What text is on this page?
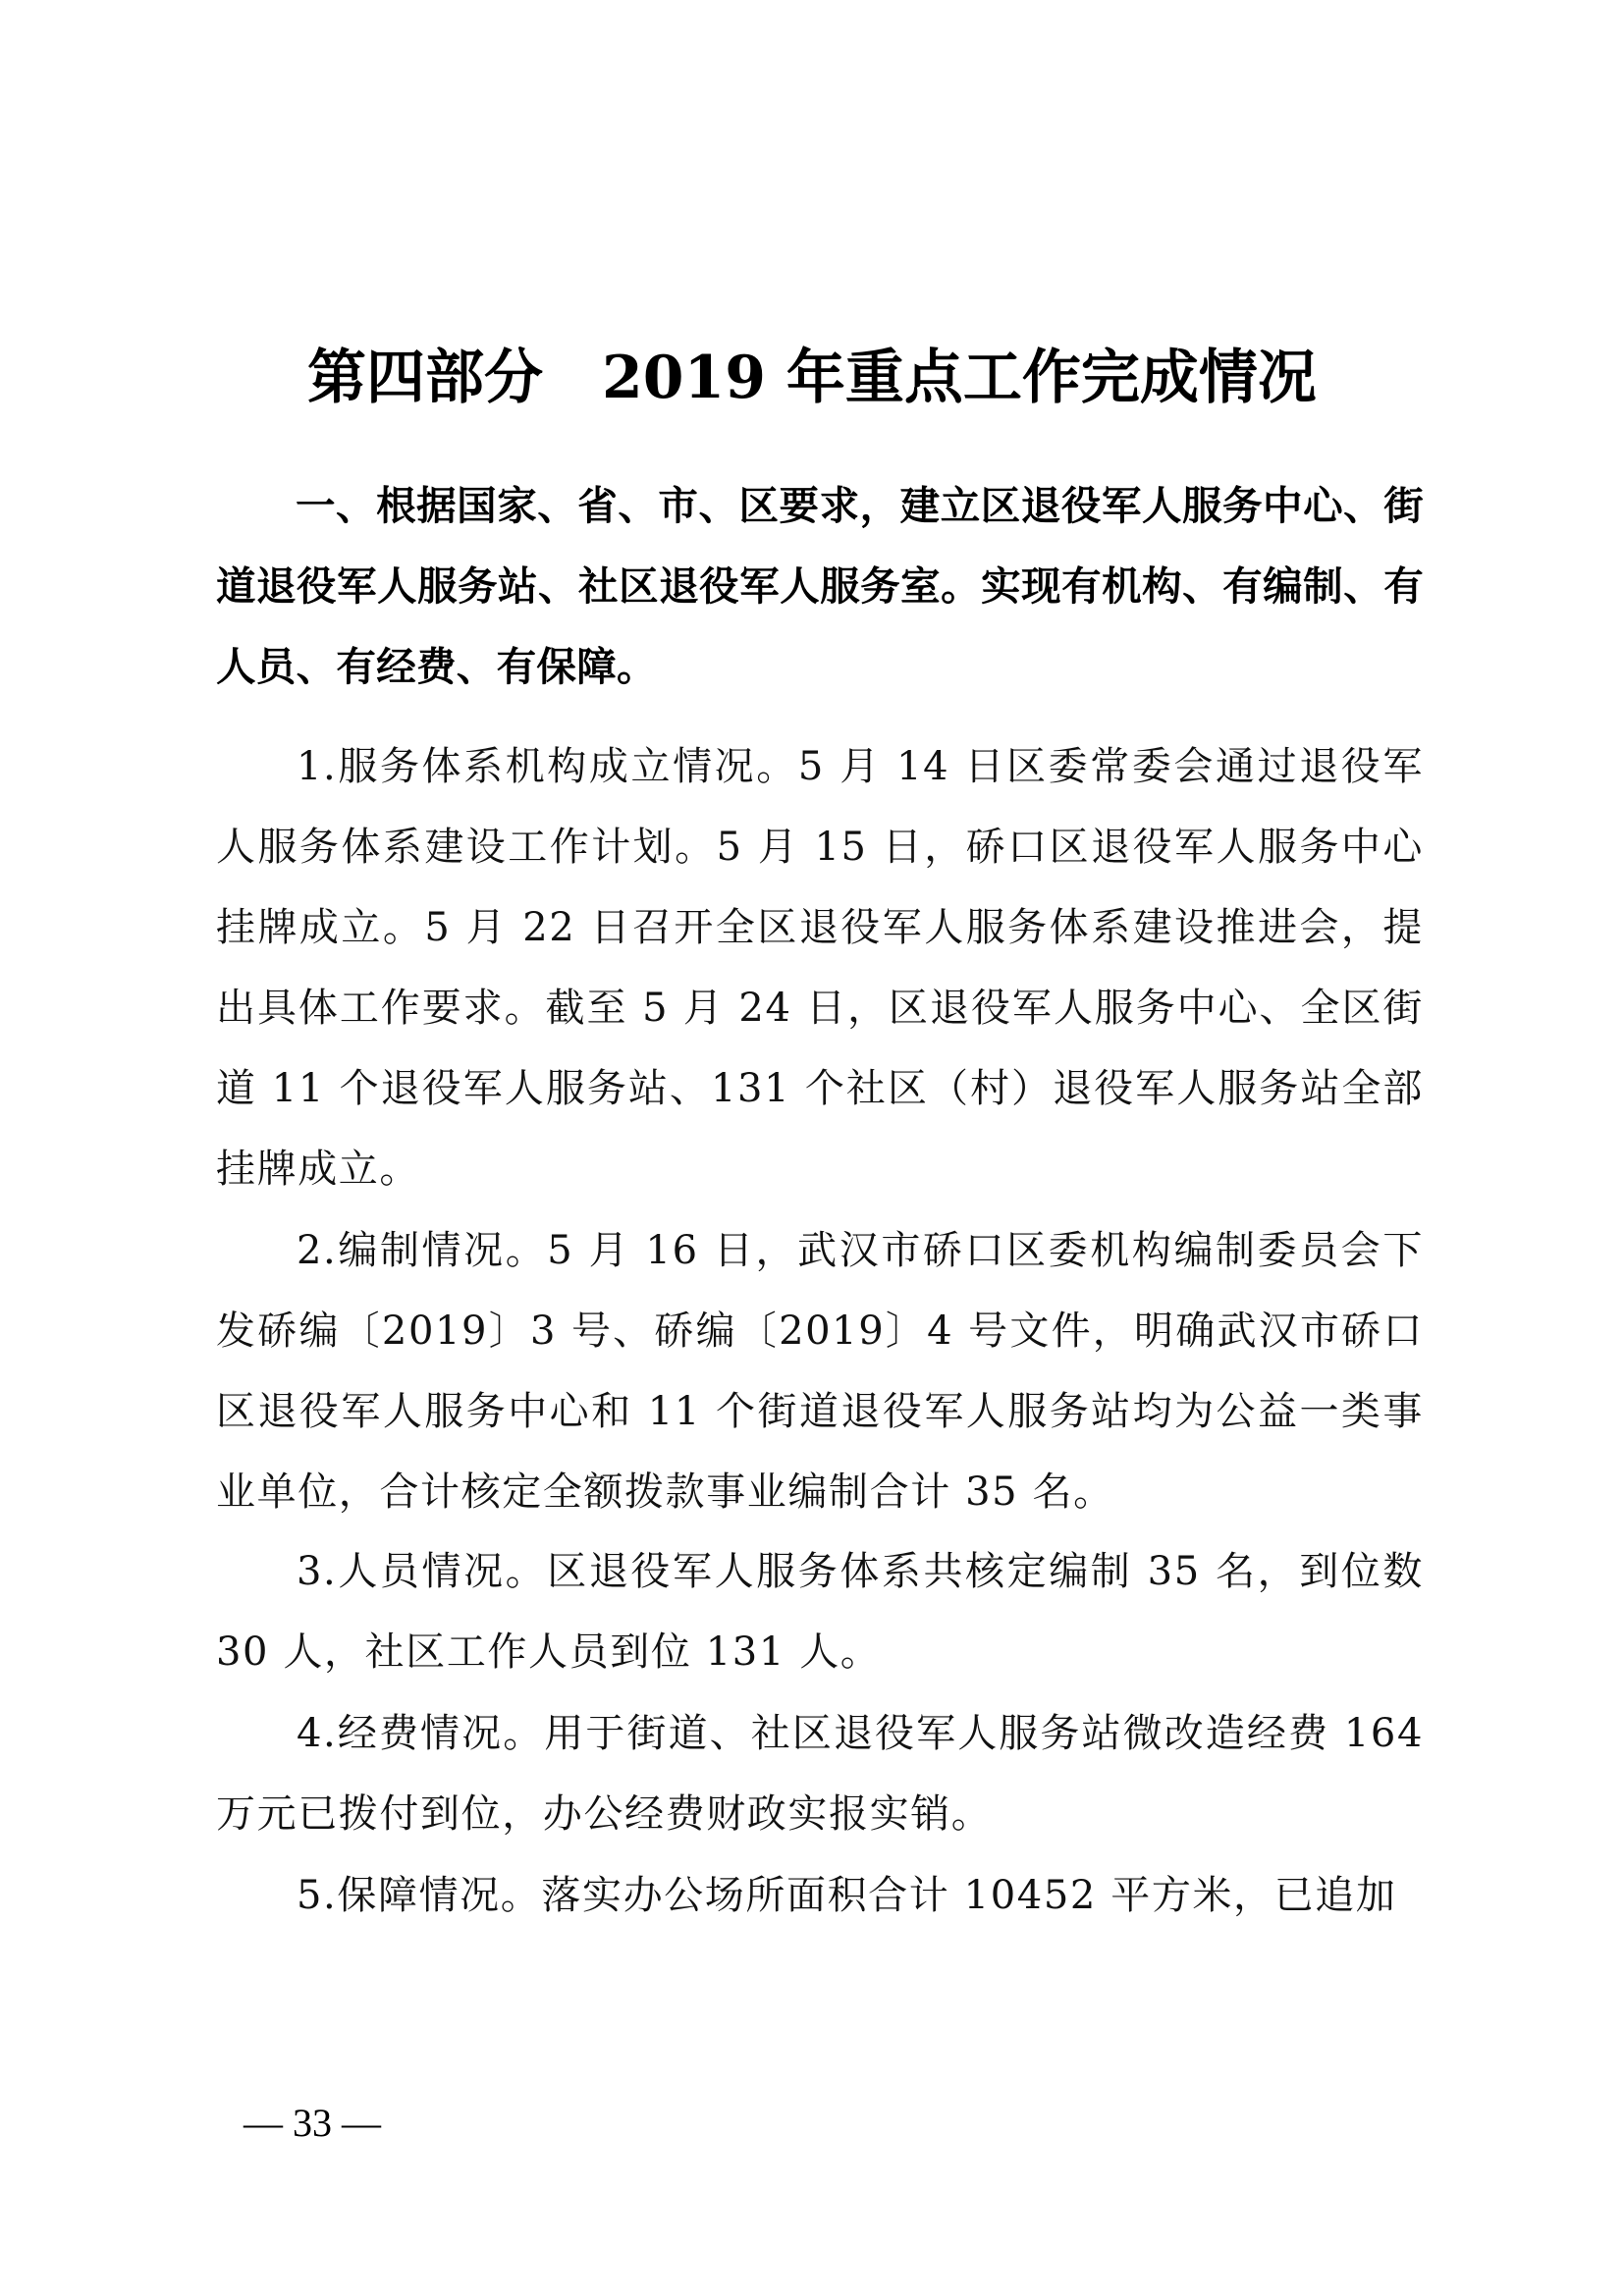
第四部分 2019 年重点工作完成情况

一、根据国家、省、市、区要求，建立区退役军人服务中心、街道退役军人服务站、社区退役军人服务室。实现有机构、有编制、有人员、有经费、有保障。

1.服务体系机构成立情况。5 月 14 日区委常委会通过退役军人服务体系建设工作计划。5 月 15 日，硚口区退役军人服务中心挂牌成立。5 月 22 日召开全区退役军人服务体系建设推进会，提出具体工作要求。截至 5 月 24 日，区退役军人服务中心、全区街道 11 个退役军人服务站、131 个社区（村）退役军人服务站全部挂牌成立。

2.编制情况。5 月 16 日，武汉市硚口区委机构编制委员会下发硚编〔2019〕3 号、硚编〔2019〕4 号文件，明确武汉市硚口区退役军人服务中心和 11 个街道退役军人服务站均为公益一类事业单位，合计核定全额拨款事业编制合计 35 名。

3.人员情况。区退役军人服务体系共核定编制 35 名，到位数 30 人，社区工作人员到位 131 人。

4.经费情况。用于街道、社区退役军人服务站微改造经费 164 万元已拨付到位，办公经费财政实报实销。

5.保障情况。落实办公场所面积合计 10452 平方米，已追加

— 33 —
